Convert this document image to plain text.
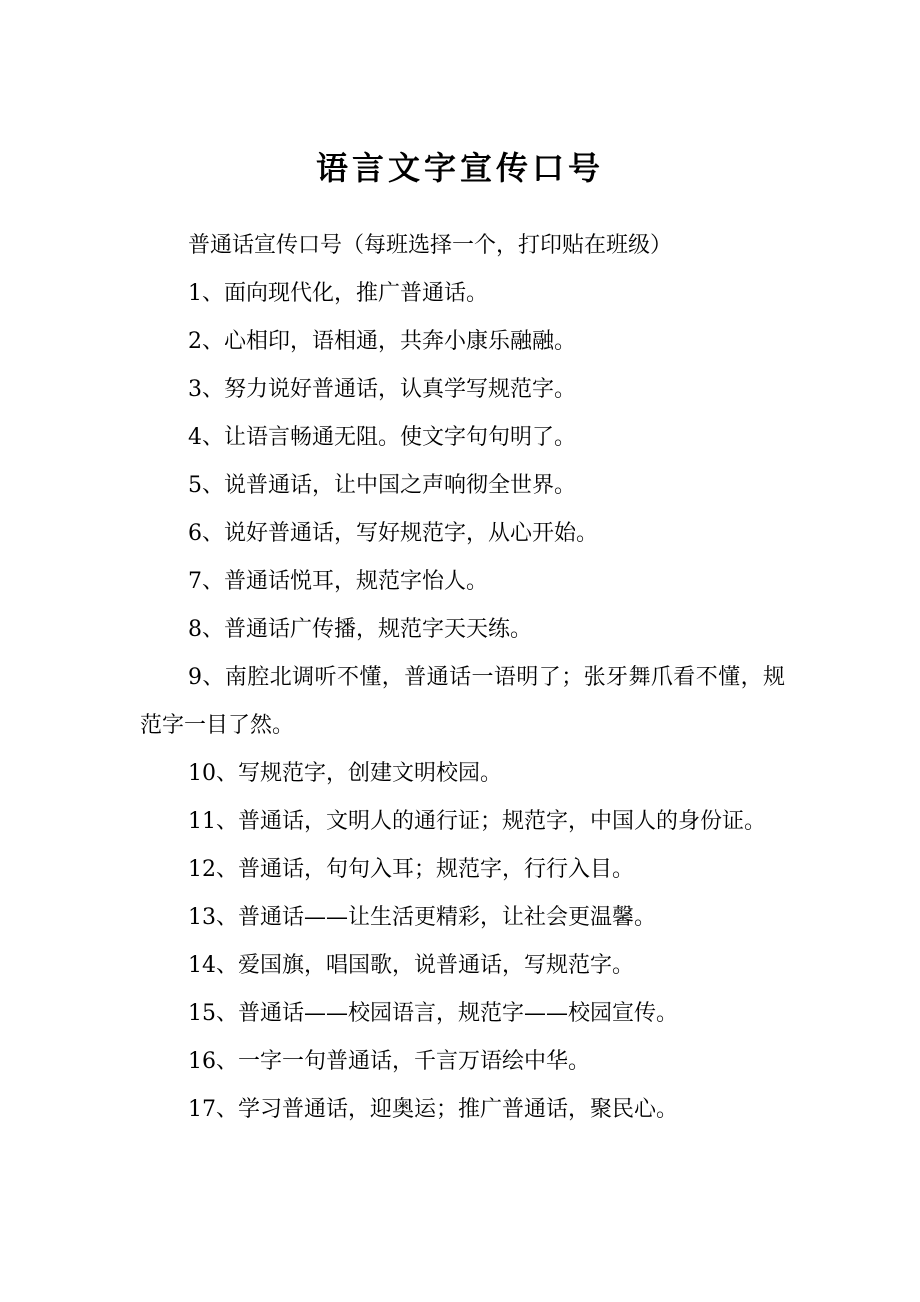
语言文字宣传口号

普通话宣传口号（每班选择一个，打印贴在班级）

1、面向现代化，推广普通话。

2、心相印，语相通，共奔小康乐融融。

3、努力说好普通话，认真学写规范字。

4、让语言畅通无阻。使文字句句明了。

5、说普通话，让中国之声响彻全世界。

6、说好普通话，写好规范字，从心开始。

7、普通话悦耳，规范字怡人。

8、普通话广传播，规范字天天练。

9、南腔北调听不懂，普通话一语明了；张牙舞爪看不懂，规范字一目了然。

10、写规范字，创建文明校园。

11、普通话，文明人的通行证；规范字，中国人的身份证。

12、普通话，句句入耳；规范字，行行入目。

13、普通话——让生活更精彩，让社会更温馨。

14、爱国旗，唱国歌，说普通话，写规范字。

15、普通话——校园语言，规范字——校园宣传。

16、一字一句普通话，千言万语绘中华。

17、学习普通话，迎奥运；推广普通话，聚民心。
